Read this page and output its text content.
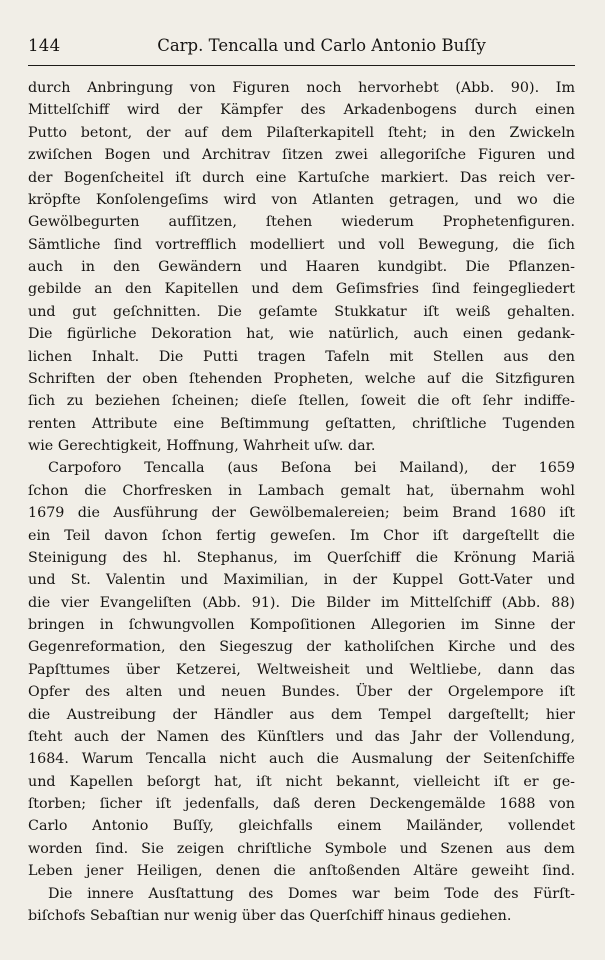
144	Carp. Tencalla und Carlo Antonio Buſſy

durch Anbringung von Figuren noch hervorhebt (Abb. 90). Im

Mittelſchiff wird der Kämpfer des Arkadenbogens durch einen

Putto betont, der auf dem Pilaſterkapitell ſteht; in den Zwickeln

zwiſchen Bogen und Architrav ſitzen zwei allegoriſche Figuren und

der Bogenſcheitel iſt durch eine Kartuſche markiert. Das reich ver-

kröpfte Konſolengeſims wird von Atlanten getragen, und wo die

Gewölbegurten aufſitzen, ſtehen wiederum Prophetenfiguren.

Sämtliche ſind vortrefflich modelliert und voll Bewegung, die ſich

auch in den Gewändern und Haaren kundgibt. Die Pflanzen-

gebilde an den Kapitellen und dem Geſimsfries ſind feingegliedert

und gut geſchnitten. Die geſamte Stukkatur iſt weiß gehalten.

Die figürliche Dekoration hat, wie natürlich, auch einen gedank-

lichen Inhalt. Die Putti tragen Tafeln mit Stellen aus den

Schriften der oben ſtehenden Propheten, welche auf die Sitzfiguren

ſich zu beziehen ſcheinen; dieſe ſtellen, ſoweit die oft ſehr indiffe-

renten Attribute eine Beſtimmung geſtatten, chriſtliche Tugenden

wie Gerechtigkeit, Hoffnung, Wahrheit uſw. dar.

Carpoforo Tencalla (aus Beſona bei Mailand), der 1659

ſchon die Chorfresken in Lambach gemalt hat, übernahm wohl

1679 die Ausführung der Gewölbemalereien; beim Brand 1680 iſt

ein Teil davon ſchon fertig geweſen. Im Chor iſt dargeſtellt die

Steinigung des hl. Stephanus, im Querſchiff die Krönung Mariä

und St. Valentin und Maximilian, in der Kuppel Gott-Vater und

die vier Evangeliſten (Abb. 91). Die Bilder im Mittelſchiff (Abb. 88)

bringen in ſchwungvollen Kompoſitionen Allegorien im Sinne der

Gegenreformation, den Siegeszug der katholiſchen Kirche und des

Papſttumes über Ketzerei, Weltweisheit und Weltliebe, dann das

Opfer des alten und neuen Bundes. Über der Orgelempore iſt

die Austreibung der Händler aus dem Tempel dargeſtellt; hier

ſteht auch der Namen des Künſtlers und das Jahr der Vollendung,

1684. Warum Tencalla nicht auch die Ausmalung der Seitenſchiffe

und Kapellen beſorgt hat, iſt nicht bekannt, vielleicht iſt er ge-

ſtorben; ſicher iſt jedenfalls, daß deren Deckengemälde 1688 von

Carlo Antonio Buſſy, gleichfalls einem Mailänder, vollendet

worden ſind. Sie zeigen chriſtliche Symbole und Szenen aus dem

Leben jener Heiligen, denen die anſtoßenden Altäre geweiht ſind.

Die innere Ausſtattung des Domes war beim Tode des Fürſt-

biſchofs Sebaſtian nur wenig über das Querſchiff hinaus gediehen.
